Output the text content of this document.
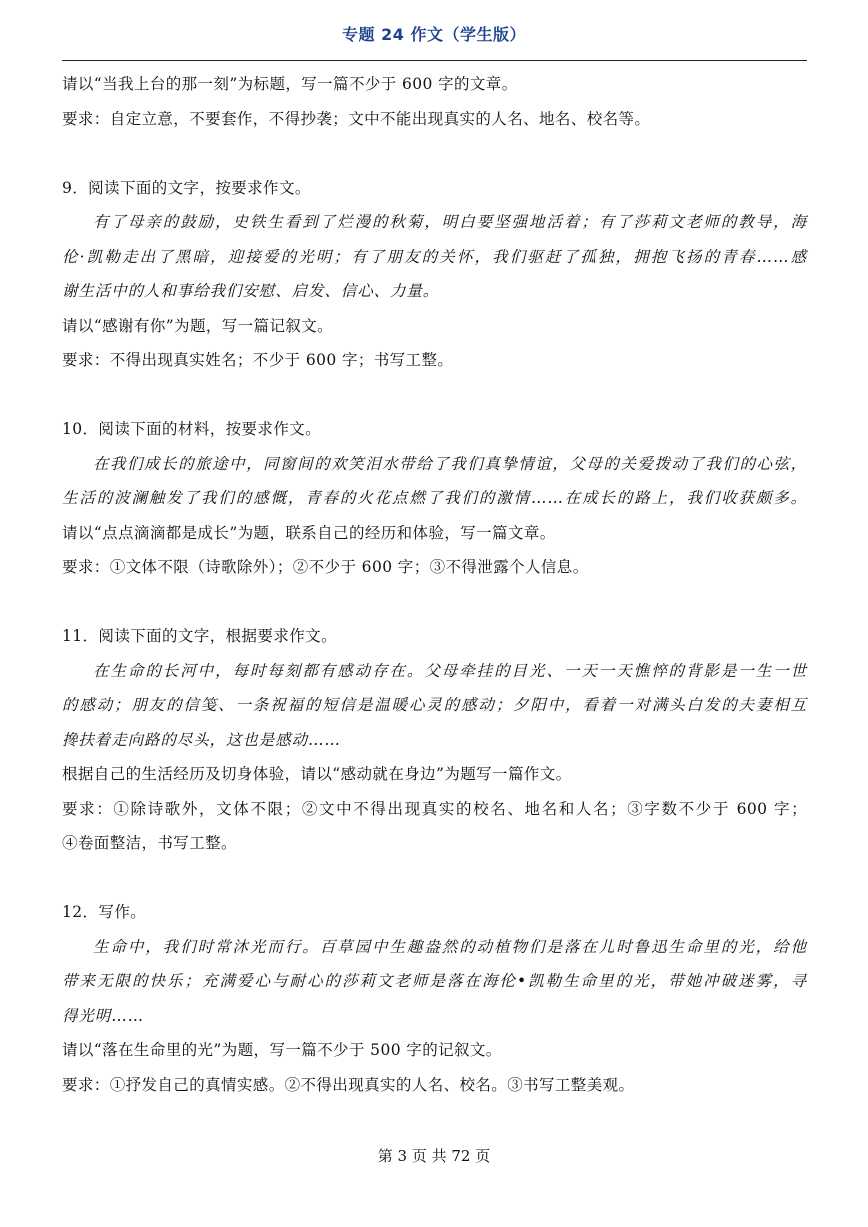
专题 24 作文（学生版）
请以“当我上台的那一刻”为标题，写一篇不少于 600 字的文章。
要求：自定立意，不要套作，不得抄袭；文中不能出现真实的人名、地名、校名等。
9．阅读下面的文字，按要求作文。
有了母亲的鼓励，史铁生看到了烂漫的秋菊，明白要坚强地活着；有了莎莉文老师的教导，海
伦·凯勒走出了黑暗，迎接爱的光明；有了朋友的关怀，我们驱赶了孤独，拥抱飞扬的青春……感
谢生活中的人和事给我们安慰、启发、信心、力量。
请以“感谢有你”为题，写一篇记叙文。
要求：不得出现真实姓名；不少于 600 字；书写工整。
10．阅读下面的材料，按要求作文。
在我们成长的旅途中，同窗间的欢笑泪水带给了我们真挚情谊，父母的关爱拨动了我们的心弦，
生活的波澜触发了我们的感慨，青春的火花点燃了我们的激情……在成长的路上，我们收获颇多。
请以“点点滴滴都是成长”为题，联系自己的经历和体验，写一篇文章。
要求：①文体不限（诗歌除外）；②不少于 600 字；③不得泄露个人信息。
11．阅读下面的文字，根据要求作文。
在生命的长河中，每时每刻都有感动存在。父母牵挂的目光、一天一天憔悴的背影是一生一世
的感动；朋友的信笺、一条祝福的短信是温暖心灵的感动；夕阳中，看着一对满头白发的夫妻相互
搀扶着走向路的尽头，这也是感动……
根据自己的生活经历及切身体验，请以“感动就在身边”为题写一篇作文。
要求：①除诗歌外，文体不限；②文中不得出现真实的校名、地名和人名；③字数不少于 600 字；
④卷面整洁，书写工整。
12．写作。
生命中，我们时常沐光而行。百草园中生趣盎然的动植物们是落在儿时鲁迅生命里的光，给他
带来无限的快乐；充满爱心与耐心的莎莉文老师是落在海伦•凯勒生命里的光，带她冲破迷雾，寻
得光明……
请以“落在生命里的光”为题，写一篇不少于 500 字的记叙文。
要求：①抒发自己的真情实感。②不得出现真实的人名、校名。③书写工整美观。
第 3 页 共 72 页
